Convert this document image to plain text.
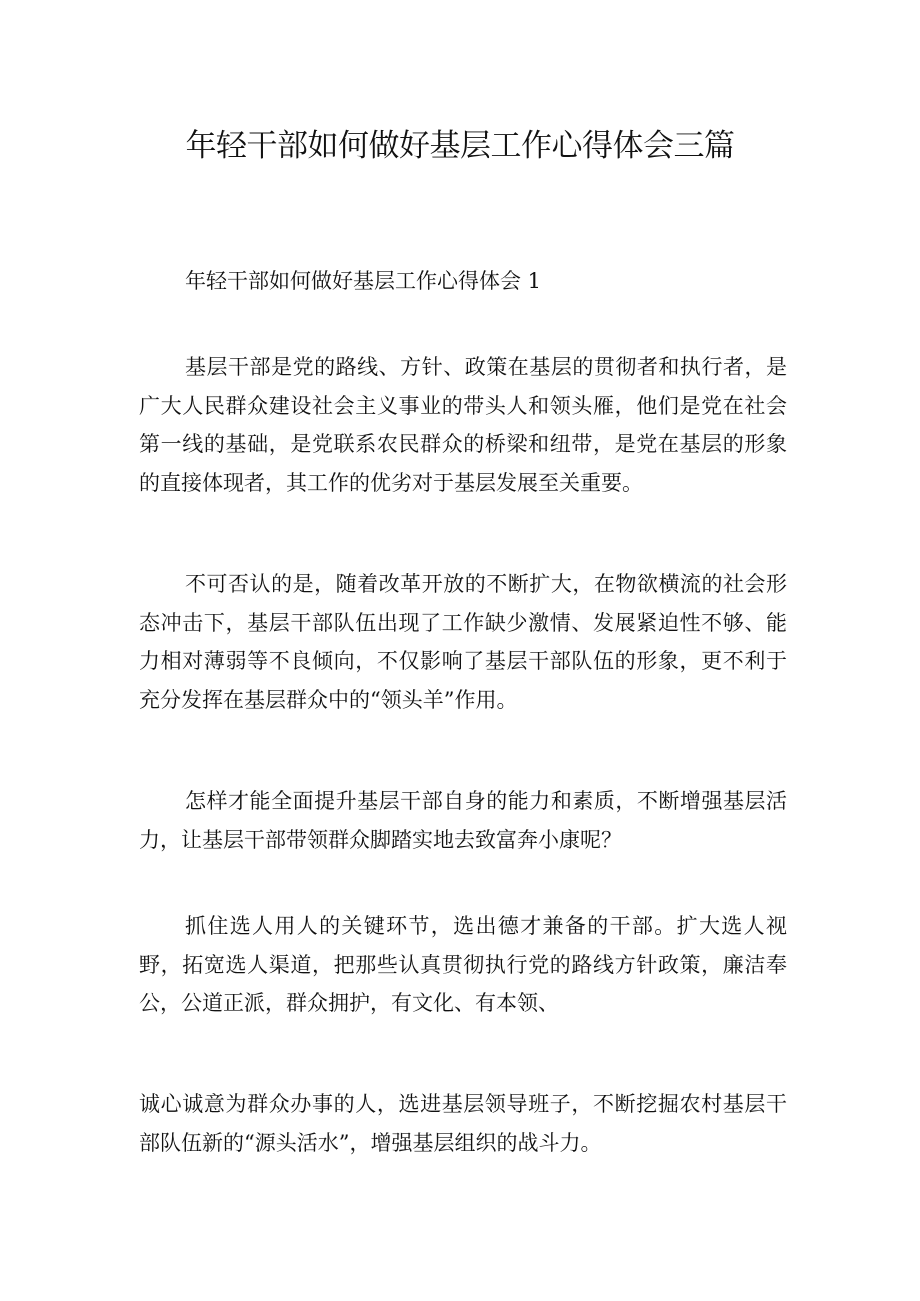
年轻干部如何做好基层工作心得体会三篇
年轻干部如何做好基层工作心得体会 1

基层干部是党的路线、方针、政策在基层的贯彻者和执行者，是广大人民群众建设社会主义事业的带头人和领头雁，他们是党在社会第一线的基础，是党联系农民群众的桥梁和纽带，是党在基层的形象的直接体现者，其工作的优劣对于基层发展至关重要。

不可否认的是，随着改革开放的不断扩大，在物欲横流的社会形态冲击下，基层干部队伍出现了工作缺少激情、发展紧迫性不够、能力相对薄弱等不良倾向，不仅影响了基层干部队伍的形象，更不利于充分发挥在基层群众中的“领头羊”作用。

怎样才能全面提升基层干部自身的能力和素质，不断增强基层活力，让基层干部带领群众脚踏实地去致富奔小康呢？

抓住选人用人的关键环节，选出德才兼备的干部。扩大选人视野，拓宽选人渠道，把那些认真贯彻执行党的路线方针政策，廉洁奉公，公道正派，群众拥护，有文化、有本领、

诚心诚意为群众办事的人，选进基层领导班子，不断挖掘农村基层干部队伍新的“源头活水”，增强基层组织的战斗力。
